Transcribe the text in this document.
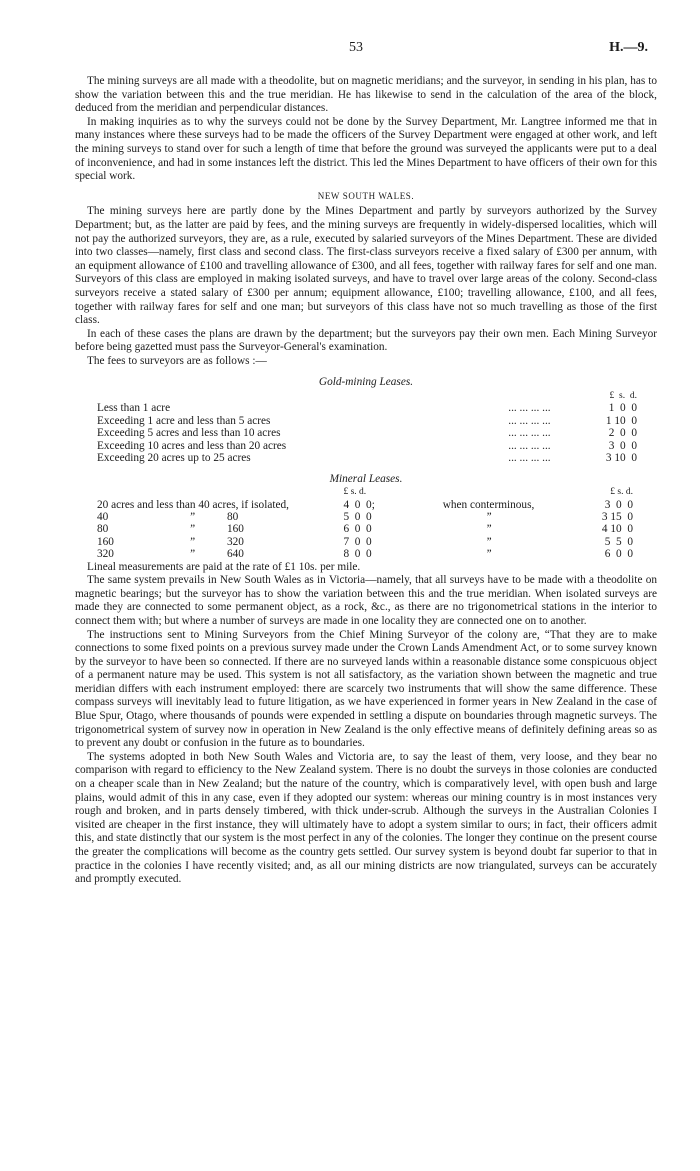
53	H.—9.

The mining surveys are all made with a theodolite, but on magnetic meridians; and the surveyor, in sending in his plan, has to show the variation between this and the true meridian. He has likewise to send in the calculation of the area of the block, deduced from the meridian and perpendicular distances.

In making inquiries as to why the surveys could not be done by the Survey Department, Mr. Langtree informed me that in many instances where these surveys had to be made the officers of the Survey Department were engaged at other work, and left the mining surveys to stand over for such a length of time that before the ground was surveyed the applicants were put to a deal of inconvenience, and had in some instances left the district. This led the Mines Department to have officers of their own for this special work.

NEW SOUTH WALES.

The mining surveys here are partly done by the Mines Department and partly by surveyors authorized by the Survey Department; but, as the latter are paid by fees, and the mining surveys are frequently in widely-dispersed localities, which will not pay the authorized surveyors, they are, as a rule, executed by salaried surveyors of the Mines Department. These are divided into two classes—namely, first class and second class. The first-class surveyors receive a fixed salary of £300 per annum, with an equipment allowance of £100 and travelling allowance of £300, and all fees, together with railway fares for self and one man. Surveyors of this class are employed in making isolated surveys, and have to travel over large areas of the colony. Second-class surveyors receive a stated salary of £300 per annum; equipment allowance, £100; travelling allowance, £100, and all fees, together with railway fares for self and one man; but surveyors of this class have not so much travelling as those of the first class.

In each of these cases the plans are drawn by the department; but the surveyors pay their own men. Each Mining Surveyor before being gazetted must pass the Surveyor-General's examination.

The fees to surveyors are as follows :—

Gold-mining Leases.

		£  s.  d.
Less than 1 acre	... ... ... ...	1  0  0
Exceeding 1 acre and less than 5 acres	... ... ... ...	1 10  0
Exceeding 5 acres and less than 10 acres	... ... ... ...	2  0  0
Exceeding 10 acres and less than 20 acres	... ... ... ...	3  0  0
Exceeding 20 acres up to 25 acres	... ... ... ...	3 10  0

Mineral Leases.

			£ s. d.		£ s. d.
20 acres and less than 40 acres, if isolated,			4  0  0;	when conterminous,	3  0  0
40	”	80	5  0  0	”	3 15  0
80	”	160	6  0  0	”	4 10  0
160	”	320	7  0  0	”	5  5  0
320	”	640	8  0  0	”	6  0  0

Lineal measurements are paid at the rate of £1 10s. per mile.

The same system prevails in New South Wales as in Victoria—namely, that all surveys have to be made with a theodolite on magnetic bearings; but the surveyor has to show the variation between this and the true meridian. When isolated surveys are made they are connected to some permanent object, as a rock, &c., as there are no trigonometrical stations in the interior to connect them with; but where a number of surveys are made in one locality they are connected one on to another.

The instructions sent to Mining Surveyors from the Chief Mining Surveyor of the colony are, “That they are to make connections to some fixed points on a previous survey made under the Crown Lands Amendment Act, or to some survey known by the surveyor to have been so connected. If there are no surveyed lands within a reasonable distance some conspicuous object of a permanent nature may be used. This system is not all satisfactory, as the variation shown between the magnetic and true meridian differs with each instrument employed: there are scarcely two instruments that will show the same difference. These compass surveys will inevitably lead to future litigation, as we have experienced in former years in New Zealand in the case of Blue Spur, Otago, where thousands of pounds were expended in settling a dispute on boundaries through magnetic surveys. The trigonometrical system of survey now in operation in New Zealand is the only effective means of definitely defining areas so as to prevent any doubt or confusion in the future as to boundaries.

The systems adopted in both New South Wales and Victoria are, to say the least of them, very loose, and they bear no comparison with regard to efficiency to the New Zealand system. There is no doubt the surveys in those colonies are conducted on a cheaper scale than in New Zealand; but the nature of the country, which is comparatively level, with open bush and large plains, would admit of this in any case, even if they adopted our system: whereas our mining country is in most instances very rough and broken, and in parts densely timbered, with thick under-scrub. Although the surveys in the Australian Colonies I visited are cheaper in the first instance, they will ultimately have to adopt a system similar to ours; in fact, their officers admit this, and state distinctly that our system is the most perfect in any of the colonies. The longer they continue on the present course the greater the complications will become as the country gets settled. Our survey system is beyond doubt far superior to that in practice in the colonies I have recently visited; and, as all our mining districts are now triangulated, surveys can be accurately and promptly executed.
